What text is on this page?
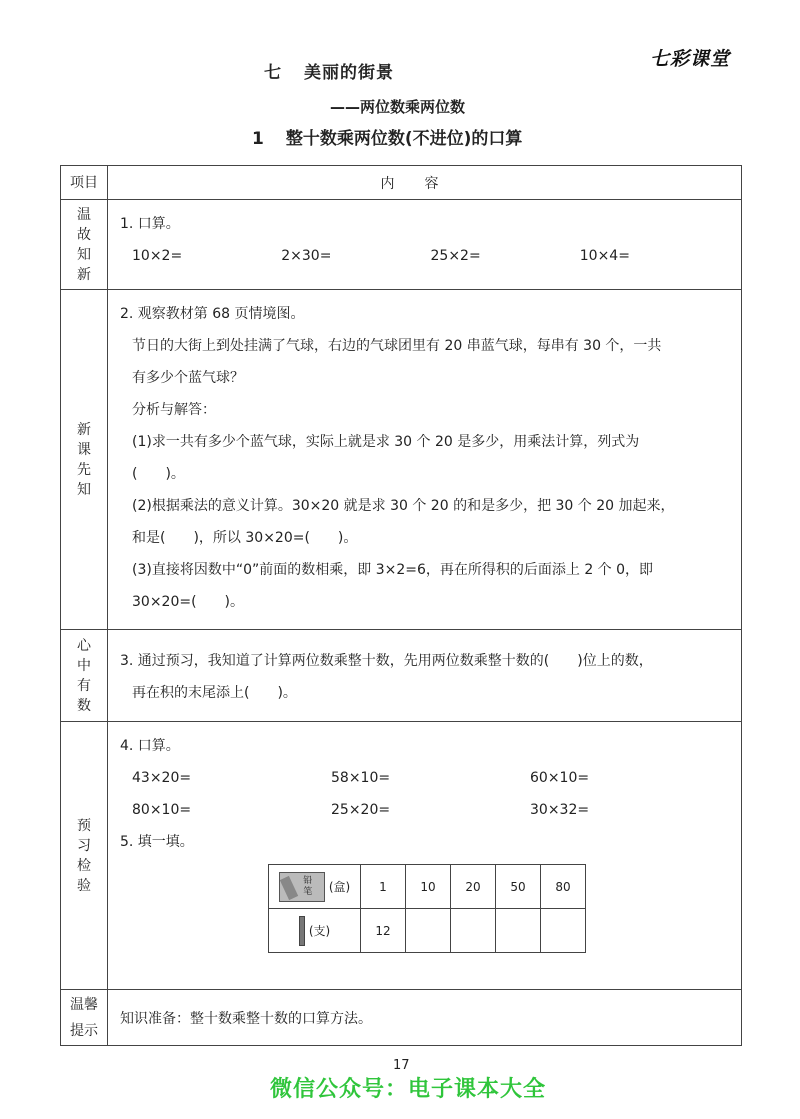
七彩课堂
七 美丽的街景
——两位数乘两位数
1 整十数乘两位数(不进位)的口算
项目	内容

温
故
知
新

1. 口算。
10×2=	2×30=	25×2=	10×4=

新
课
先
知

2. 观察教材第 68 页情境图。
节日的大街上到处挂满了气球，右边的气球团里有 20 串蓝气球，每串有 30 个，一共
有多少个蓝气球？
分析与解答：
(1)求一共有多少个蓝气球，实际上就是求 30 个 20 是多少，用乘法计算，列式为
(　　)。
(2)根据乘法的意义计算。30×20 就是求 30 个 20 的和是多少，把 30 个 20 加起来，
和是(　　)，所以 30×20=(　　)。
(3)直接将因数中“0”前面的数相乘，即 3×2=6，再在所得积的后面添上 2 个 0，即
30×20=(　　)。

心
中
有
数

3. 通过预习，我知道了计算两位数乘整十数，先用两位数乘整十数的(　　)位上的数，
再在积的末尾添上(　　)。

预
习
检
验

4. 口算。
43×20=	58×10=	60×10=
80×10=	25×20=	30×32=
5. 填一填。
铅笔 (盒)	1	10	20	50	80

(支)	12				

温馨
提示
	知识准备：整十数乘整十数的口算方法。
17
微信公众号：电子课本大全
